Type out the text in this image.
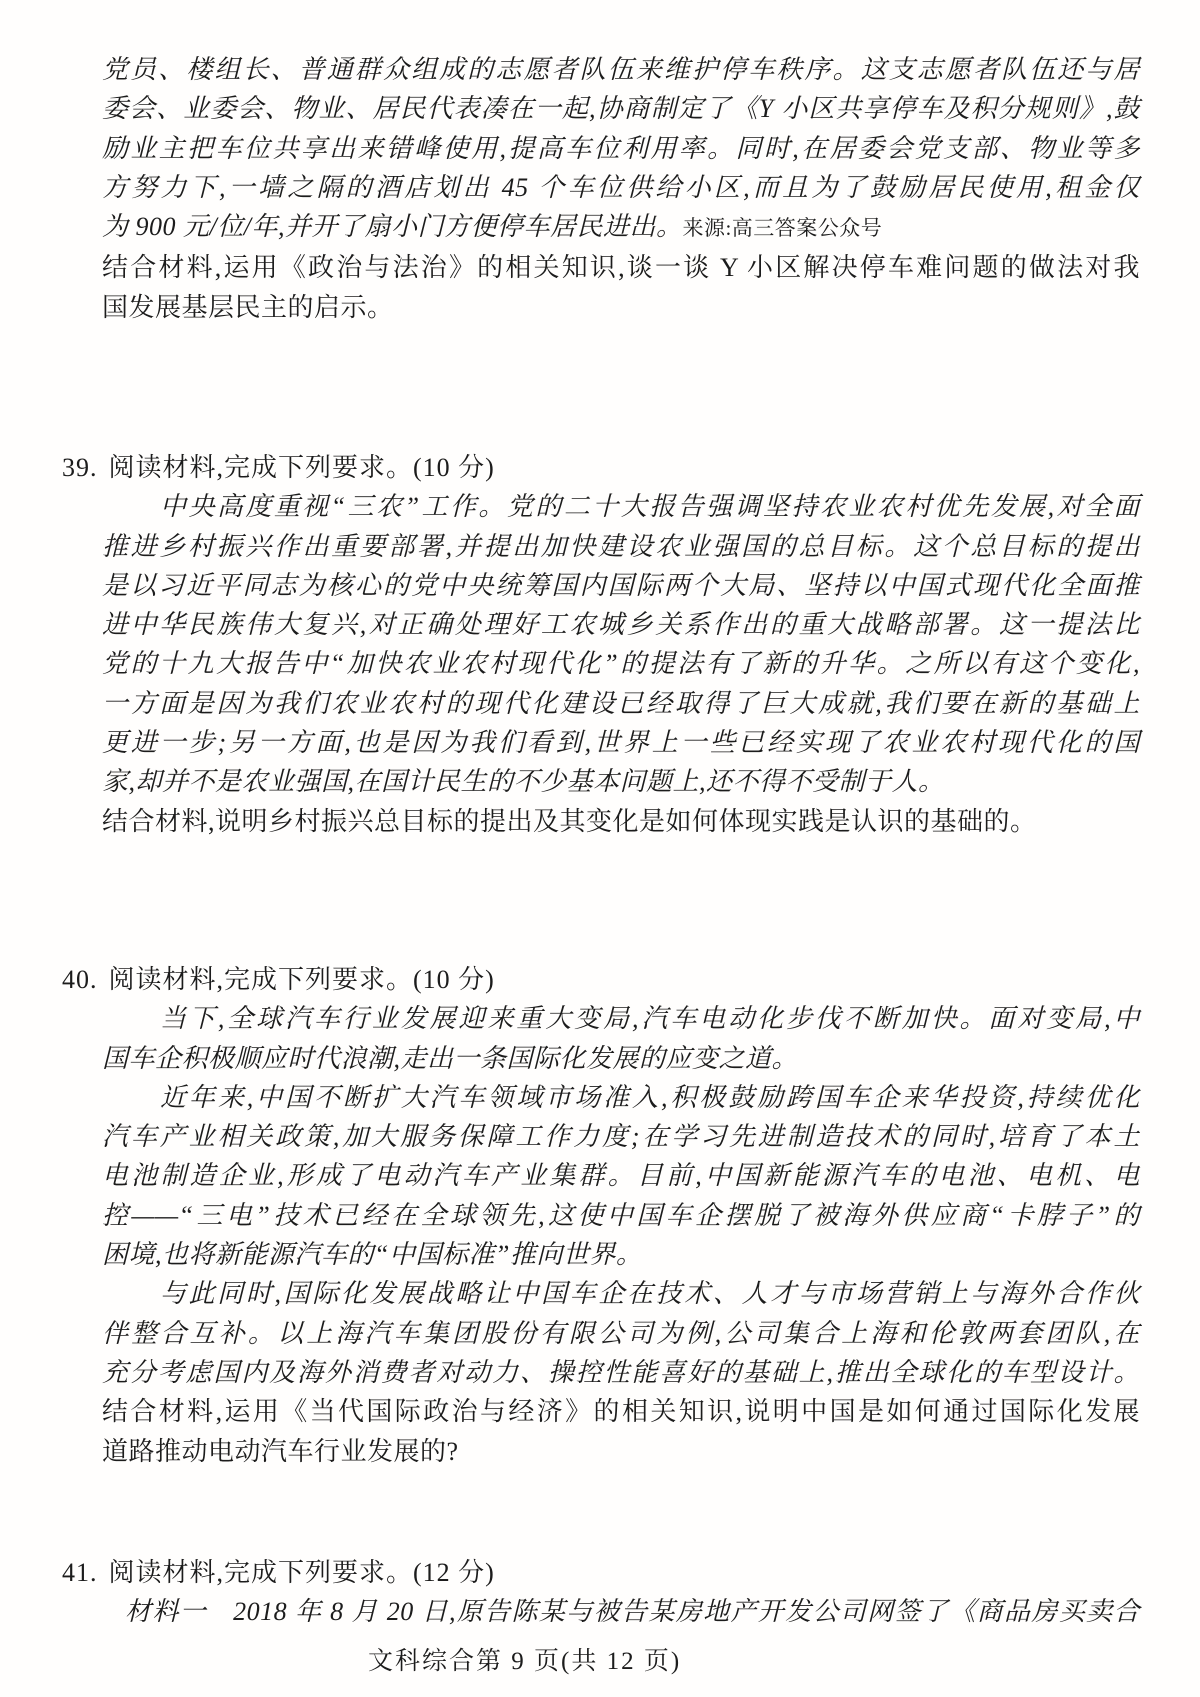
党员、楼组长、普通群众组成的志愿者队伍来维护停车秩序。这支志愿者队伍还与居
委会、业委会、物业、居民代表凑在一起,协商制定了《Y 小区共享停车及积分规则》,鼓
励业主把车位共享出来错峰使用,提高车位利用率。同时,在居委会党支部、物业等多
方努力下,一墙之隔的酒店划出 45 个车位供给小区,而且为了鼓励居民使用,租金仅
为 900 元/位/年,并开了扇小门方便停车居民进出。来源:高三答案公众号
结合材料,运用《政治与法治》的相关知识,谈一谈 Y 小区解决停车难问题的做法对我
国发展基层民主的启示。
39. 阅读材料,完成下列要求。(10 分)
中央高度重视“三农”工作。党的二十大报告强调坚持农业农村优先发展,对全面
推进乡村振兴作出重要部署,并提出加快建设农业强国的总目标。这个总目标的提出
是以习近平同志为核心的党中央统筹国内国际两个大局、坚持以中国式现代化全面推
进中华民族伟大复兴,对正确处理好工农城乡关系作出的重大战略部署。这一提法比
党的十九大报告中“加快农业农村现代化”的提法有了新的升华。之所以有这个变化,
一方面是因为我们农业农村的现代化建设已经取得了巨大成就,我们要在新的基础上
更进一步;另一方面,也是因为我们看到,世界上一些已经实现了农业农村现代化的国
家,却并不是农业强国,在国计民生的不少基本问题上,还不得不受制于人。
结合材料,说明乡村振兴总目标的提出及其变化是如何体现实践是认识的基础的。
40. 阅读材料,完成下列要求。(10 分)
当下,全球汽车行业发展迎来重大变局,汽车电动化步伐不断加快。面对变局,中
国车企积极顺应时代浪潮,走出一条国际化发展的应变之道。
近年来,中国不断扩大汽车领域市场准入,积极鼓励跨国车企来华投资,持续优化
汽车产业相关政策,加大服务保障工作力度;在学习先进制造技术的同时,培育了本土
电池制造企业,形成了电动汽车产业集群。目前,中国新能源汽车的电池、电机、电
控——“三电”技术已经在全球领先,这使中国车企摆脱了被海外供应商“卡脖子”的
困境,也将新能源汽车的“中国标准”推向世界。
与此同时,国际化发展战略让中国车企在技术、人才与市场营销上与海外合作伙
伴整合互补。以上海汽车集团股份有限公司为例,公司集合上海和伦敦两套团队,在
充分考虑国内及海外消费者对动力、操控性能喜好的基础上,推出全球化的车型设计。
结合材料,运用《当代国际政治与经济》的相关知识,说明中国是如何通过国际化发展
道路推动电动汽车行业发展的?
41. 阅读材料,完成下列要求。(12 分)
材料一 2018 年 8 月 20 日,原告陈某与被告某房地产开发公司网签了《商品房买卖合
文科综合第 9 页(共 12 页)
